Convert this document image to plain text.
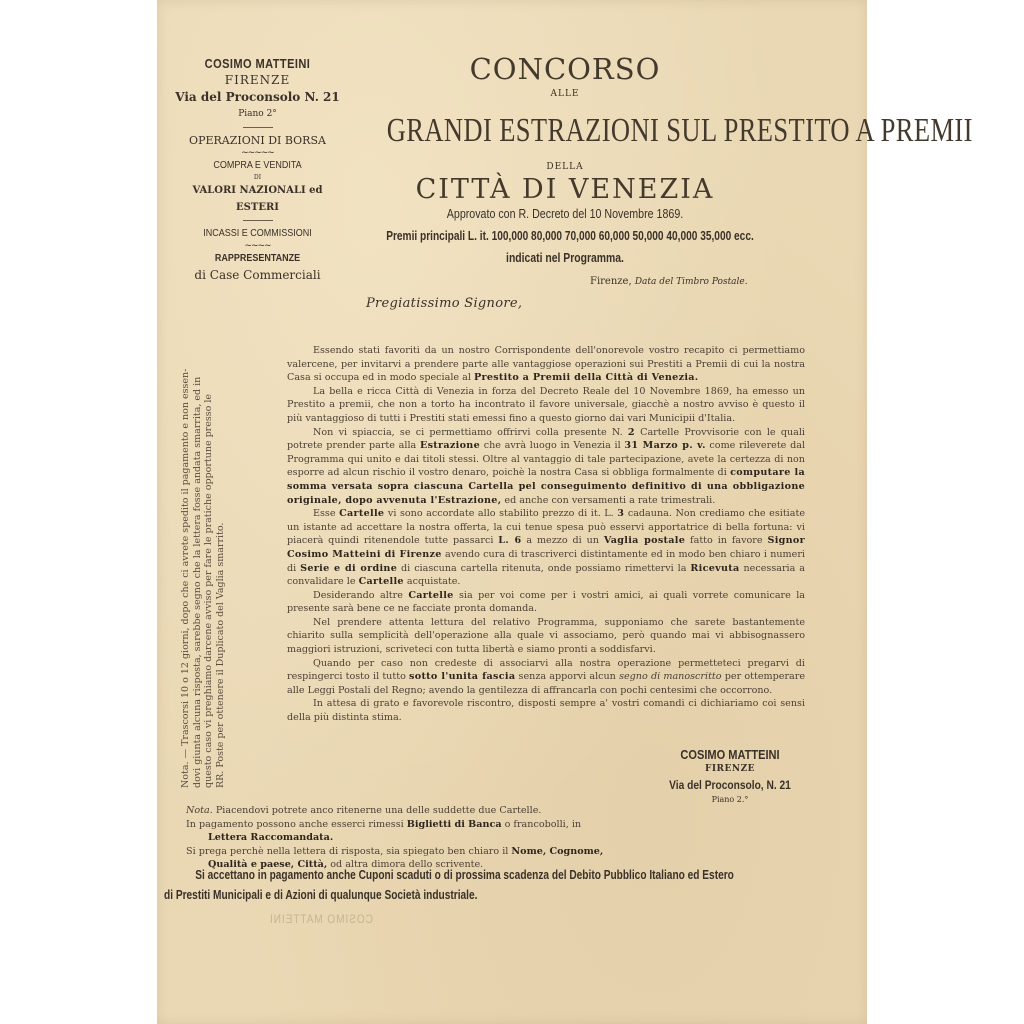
COSIMO MATTEINI
FIRENZE
Via del Proconsolo N. 21
Piano 2°
OPERAZIONI DI BORSA
~~~~~
COMPRA E VENDITA
DI
VALORI NAZIONALI ed ESTERI
INCASSI E COMMISSIONI
~~~~
RAPPRESENTANZE
di Case Commerciali
CONCORSO
ALLE
GRANDI ESTRAZIONI SUL PRESTITO A PREMII
DELLA
CITTÀ DI VENEZIA
Approvato con R. Decreto del 10 Novembre 1869.
Premii principali L. it. 100,000 80,000 70,000 60,000 50,000 40,000 35,000 ecc.
indicati nel Programma.
Firenze, Data del Timbro Postale.
Pregiatissimo Signore,

Essendo stati favoriti da un nostro Corrispondente dell'onorevole vostro recapito ci permettiamo valercene, per invitarvi a prendere parte alle vantaggiose operazioni sui Prestiti a Premii di cui la nostra Casa si occupa ed in modo speciale al Prestito a Premii della Città di Venezia.

La bella e ricca Città di Venezia in forza del Decreto Reale del 10 Novembre 1869, ha emesso un Prestito a premii, che non a torto ha incontrato il favore universale, giacchè a nostro avviso è questo il più vantaggioso di tutti i Prestiti stati emessi fino a questo giorno dai vari Municipii d'Italia.

Non vi spiaccia, se ci permettiamo offrirvi colla presente N. 2 Cartelle Provvisorie con le quali potrete prender parte alla Estrazione che avrà luogo in Venezia il 31 Marzo p. v. come rileverete dal Programma qui unito e dai titoli stessi. Oltre al vantaggio di tale partecipazione, avete la certezza di non esporre ad alcun rischio il vostro denaro, poichè la nostra Casa si obbliga formalmente di computare la somma versata sopra ciascuna Cartella pel conseguimento definitivo di una obbligazione originale, dopo avvenuta l'Estrazione, ed anche con versamenti a rate trimestrali.

Esse Cartelle vi sono accordate allo stabilito prezzo di it. L. 3 cadauna. Non crediamo che esitiate un istante ad accettare la nostra offerta, la cui tenue spesa può esservi apportatrice di bella fortuna: vi piacerà quindi ritenendole tutte passarci L. 6 a mezzo di un Vaglia postale fatto in favore Signor Cosimo Matteini di Firenze avendo cura di trascriverci distintamente ed in modo ben chiaro i numeri di Serie e di ordine di ciascuna cartella ritenuta, onde possiamo rimettervi la Ricevuta necessaria a convalidare le Cartelle acquistate.

Desiderando altre Cartelle sia per voi come per i vostri amici, ai quali vorrete comunicare la presente sarà bene ce ne facciate pronta domanda.

Nel prendere attenta lettura del relativo Programma, supponiamo che sarete bastantemente chiarito sulla semplicità dell'operazione alla quale vi associamo, però quando mai vi abbisognassero maggiori istruzioni, scriveteci con tutta libertà e siamo pronti a soddisfarvi.

Quando per caso non credeste di associarvi alla nostra operazione permetteteci pregarvi di respingerci tosto il tutto sotto l'unita fascia senza apporvi alcun segno di manoscritto per ottemperare alle Leggi Postali del Regno; avendo la gentilezza di affrancarla con pochi centesimi che occorrono.

In attesa di grato e favorevole riscontro, disposti sempre a' vostri comandi ci dichiariamo coi sensi della più distinta stima.

COSIMO MATTEINI
FIRENZE
Via del Proconsolo, N. 21
Piano 2.°
Nota. Piacendovi potrete anco ritenerne una delle suddette due Cartelle.
In pagamento possono anche esserci rimessi Biglietti di Banca o francobolli, in
Lettera Raccomandata.
Si prega perchè nella lettera di risposta, sia spiegato ben chiaro il Nome, Cognome,
Qualità e paese, Città, od altra dimora dello scrivente.
Si accettano in pagamento anche Cuponi scaduti o di prossima scadenza del Debito Pubblico Italiano ed Estero
di Prestiti Municipali e di Azioni di qualunque Società industriale.
Nota. — Trascorsi 10 o 12 giorni, dopo che ci avrete spedito il pagamento e non essen- dovi giunta alcuna risposta, sarebbe segno che la lettera fosse andata smarrita, ed in questo caso vi preghiamo darcene avviso per fare le pratiche opportune presso le RR. Poste per ottenere il Duplicato del Vaglia smarrito.
COSIMO MATTEINI
